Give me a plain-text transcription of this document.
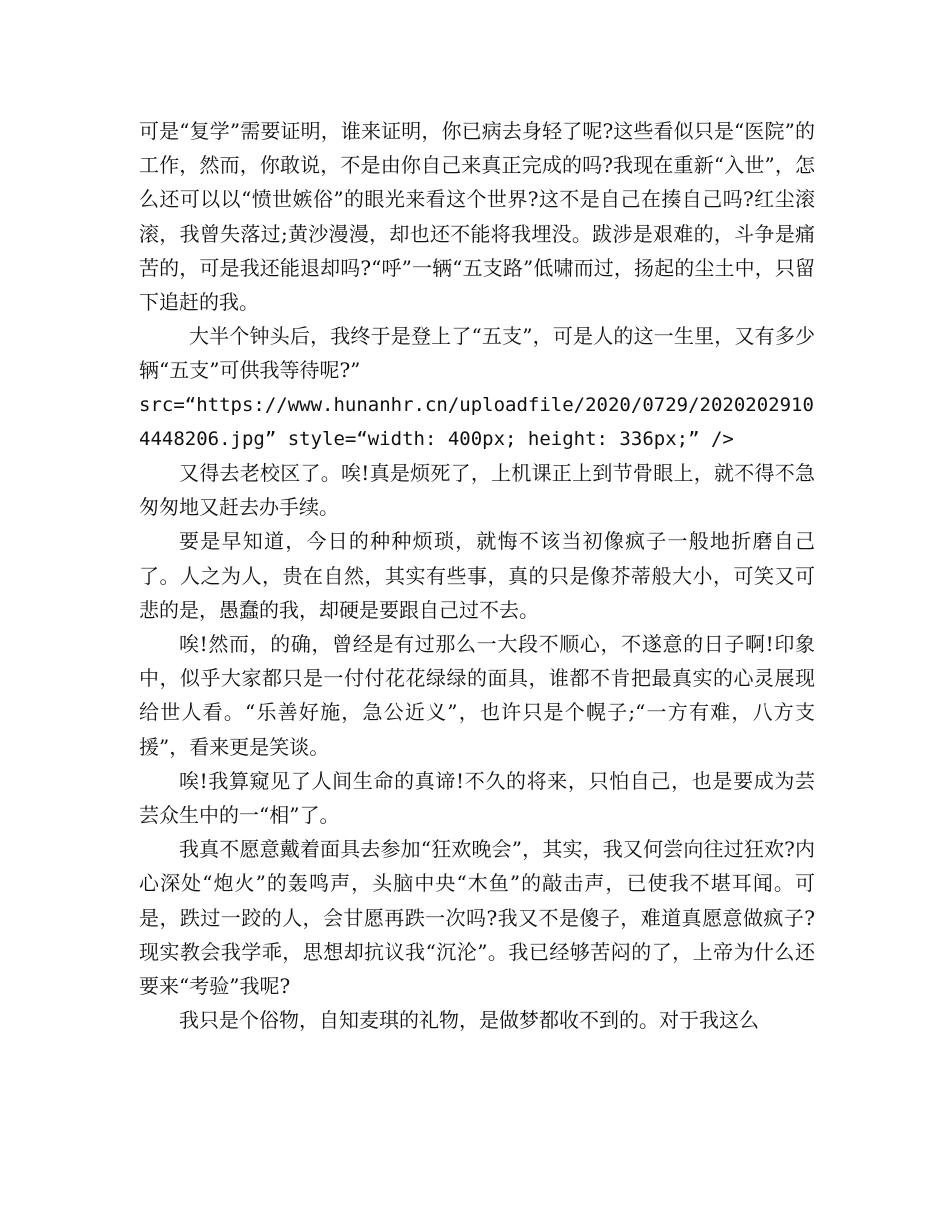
可是“复学”需要证明，谁来证明，你已病去身轻了呢?这些看似只是“医院”的工作，然而，你敢说，不是由你自己来真正完成的吗?我现在重新“入世”，怎么还可以以“愤世嫉俗”的眼光来看这个世界?这不是自己在揍自己吗?红尘滚滚，我曾失落过;黄沙漫漫，却也还不能将我埋没。跋涉是艰难的，斗争是痛苦的，可是我还能退却吗?“呼”一辆“五支路”低啸而过，扬起的尘土中，只留下追赶的我。

大半个钟头后，我终于是登上了“五支”，可是人的这一生里，又有多少辆“五支”可供我等待呢?”

src=“https://www.hunanhr.cn/uploadfile/2020/0729/20202029104448206.jpg” style=“width: 400px; height: 336px;” />

又得去老校区了。唉!真是烦死了，上机课正上到节骨眼上，就不得不急匆匆地又赶去办手续。

要是早知道，今日的种种烦琐，就悔不该当初像疯子一般地折磨自己了。人之为人，贵在自然，其实有些事，真的只是像芥蒂般大小，可笑又可悲的是，愚蠢的我，却硬是要跟自己过不去。

唉!然而，的确，曾经是有过那么一大段不顺心，不遂意的日子啊!印象中，似乎大家都只是一付付花花绿绿的面具，谁都不肯把最真实的心灵展现给世人看。“乐善好施，急公近义”，也许只是个幌子;“一方有难，八方支援”，看来更是笑谈。

唉!我算窥见了人间生命的真谛!不久的将来，只怕自己，也是要成为芸芸众生中的一“相”了。

我真不愿意戴着面具去参加“狂欢晚会”，其实，我又何尝向往过狂欢?内心深处“炮火”的轰鸣声，头脑中央“木鱼”的敲击声，已使我不堪耳闻。可是，跌过一跤的人，会甘愿再跌一次吗?我又不是傻子，难道真愿意做疯子?现实教会我学乖，思想却抗议我“沉沦”。我已经够苦闷的了，上帝为什么还要来“考验”我呢?

我只是个俗物，自知麦琪的礼物，是做梦都收不到的。对于我这么
